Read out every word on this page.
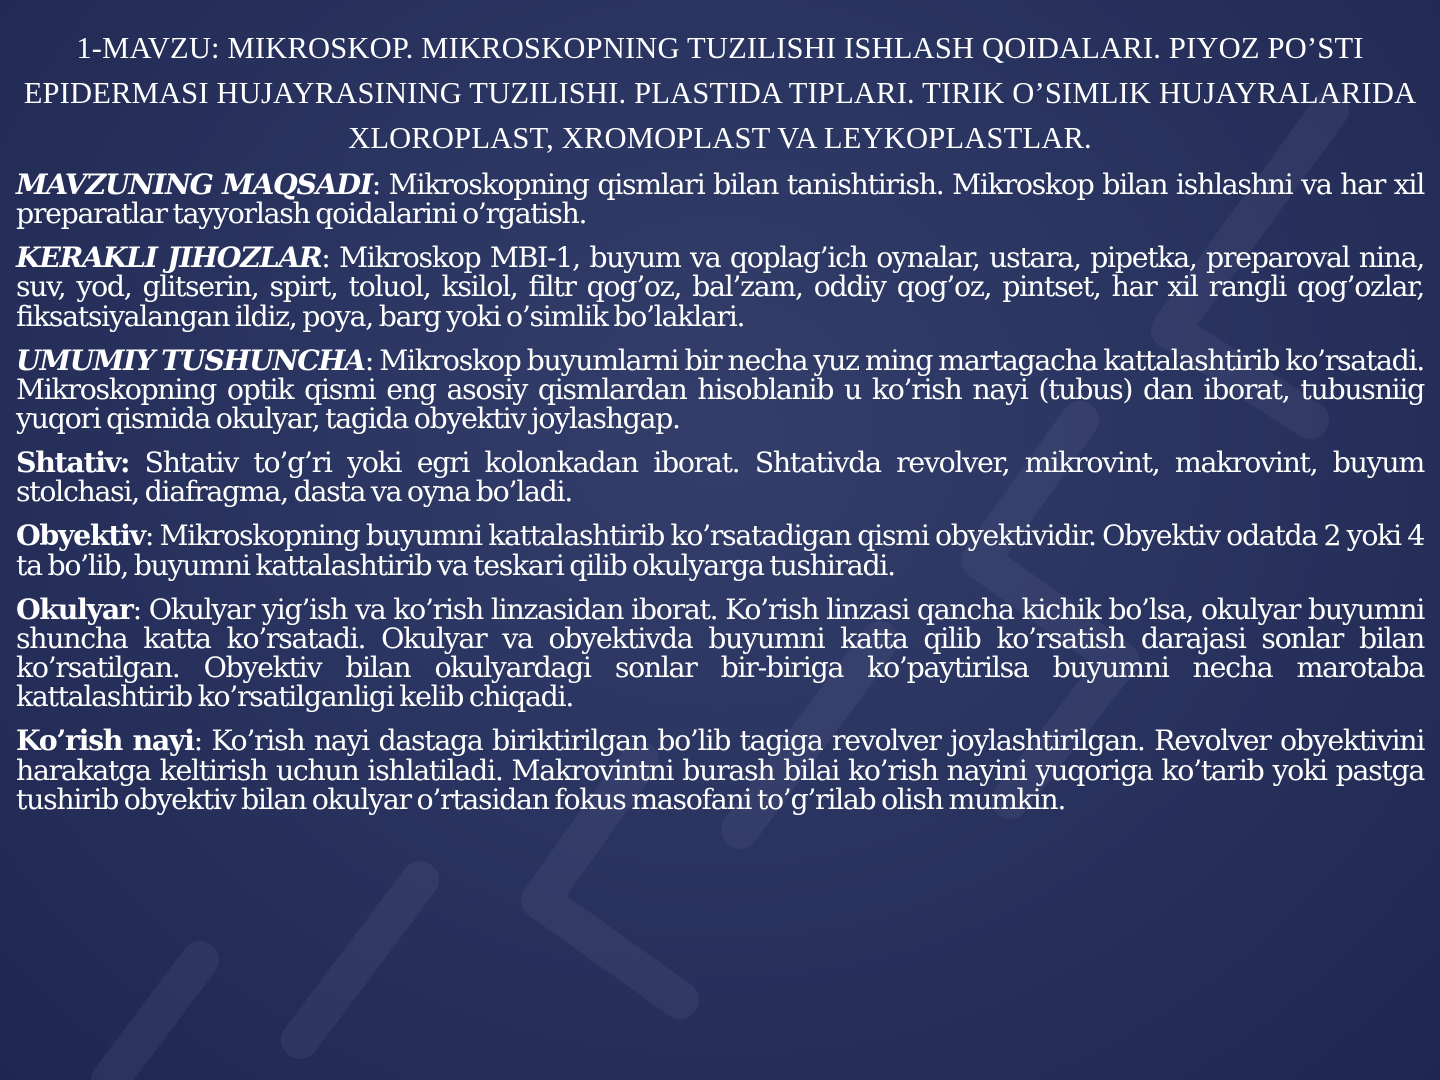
1-MAVZU: MIKROSKOP. MIKROSKOPNING TUZILISHI ISHLASH QOIDALARI. PIYOZ PO’STI EPIDERMASI HUJAYRASINING TUZILISHI. PLASTIDA TIPLARI. TIRIK O’SIMLIK HUJAYRALARIDA XLOROPLAST, XROMOPLAST VA LEYKOPLASTLAR.

MAVZUNING MAQSADI: Mikroskopning qismlari bilan tanishtirish. Mikroskop bilan ishlashni va har xil preparatlar tayyorlash qoidalarini o’rgatish.

KERAKLI JIHOZLAR: Mikroskop MBI-1, buyum va qoplag’ich oynalar, ustara, pipetka, preparoval nina, suv, yod, glitserin, spirt, toluol, ksilol, filtr qog’oz, bal’zam, oddiy qog’oz, pintset, har xil rangli qog’ozlar, fiksatsiyalangan ildiz, poya, barg yoki o’simlik bo’laklari.

UMUMIY TUSHUNCHA: Mikroskop buyumlarni bir necha yuz ming martagacha kattalashtirib ko’rsatadi. Mikroskopning optik qismi eng asosiy qismlardan hisoblanib u ko’rish nayi (tubus) dan iborat, tubusniig yuqori qismida okulyar, tagida obyektiv joylashgap.

Shtativ: Shtativ to’g’ri yoki egri kolonkadan iborat. Shtativda revolver, mikrovint, makrovint, buyum stolchasi, diafragma, dasta va oyna bo’ladi.

Obyektiv: Mikroskopning buyumni kattalashtirib ko’rsatadigan qismi obyektividir. Obyektiv odatda 2 yoki 4 ta bo’lib, buyumni kattalashtirib va teskari qilib okulyarga tushiradi.

Okulyar: Okulyar yig’ish va ko’rish linzasidan iborat. Ko’rish linzasi qancha kichik bo’lsa, okulyar buyumni shuncha katta ko’rsatadi. Okulyar va obyektivda buyumni katta qilib ko’rsatish darajasi sonlar bilan ko’rsatilgan. Obyektiv bilan okulyardagi sonlar bir-biriga ko’paytirilsa buyumni necha marotaba kattalashtirib ko’rsatilganligi kelib chiqadi.

Ko’rish nayi: Ko’rish nayi dastaga biriktirilgan bo’lib tagiga revolver joylashtirilgan. Revolver obyektivini harakatga keltirish uchun ishlatiladi. Makrovintni burash bilai ko’rish nayini yuqoriga ko’tarib yoki pastga tushirib obyektiv bilan okulyar o’rtasidan fokus masofani to’g’rilab olish mumkin.
